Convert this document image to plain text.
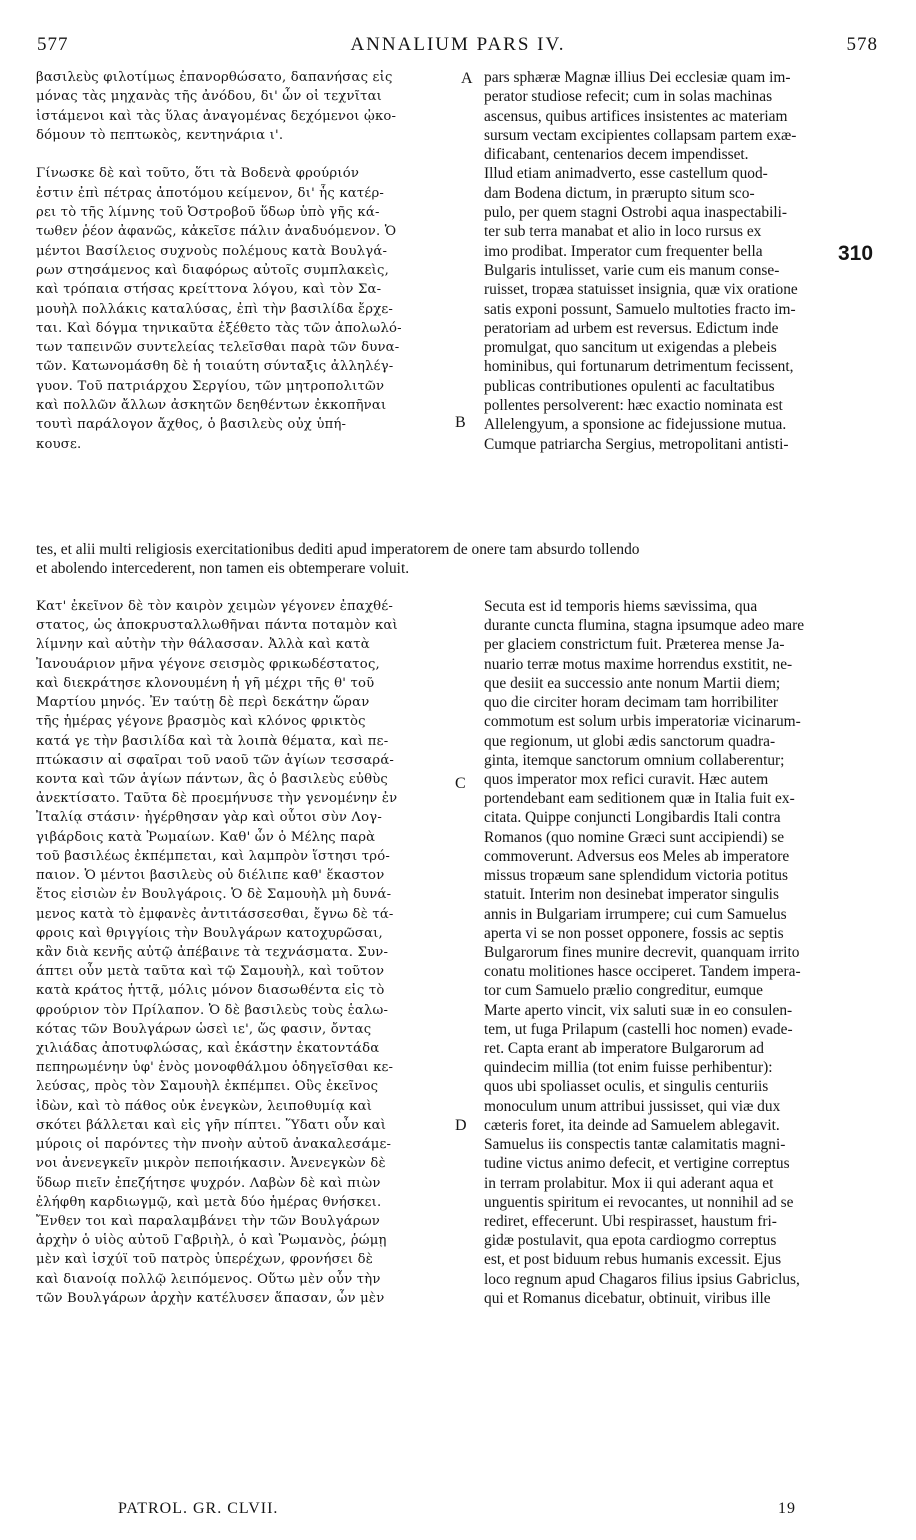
ANNALIUM PARS IV.
577	578
βασιλεὺς φιλοτίμως ἐπανορθώσατο, δαπανήσας εἰς
μόνας τὰς μηχανὰς τῆς ἀνόδου, δι' ὧν οἱ τεχνῖται
ἱστάμενοι καὶ τὰς ὕλας ἀναγομένας δεχόμενοι ᾠκο-
δόμουν τὸ πεπτωκὸς, κεντηνάρια ι'.
Γίνωσκε δὲ καὶ τοῦτο, ὅτι τὰ Βοδενὰ φρούριόν
ἐστιν ἐπὶ πέτρας ἀποτόμου κείμενον, δι' ἧς κατέρ-
ρει τὸ τῆς λίμνης τοῦ Ὀστροβοῦ ὕδωρ ὑπὸ γῆς κά-
τωθεν ῥέον ἀφανῶς, κἀκεῖσε πάλιν ἀναδυόμενον. Ὁ
μέντοι Βασίλειος συχνοὺς πολέμους κατὰ Βουλγά-
ρων στησάμενος καὶ διαφόρως αὐτοῖς συμπλακεὶς,
καὶ τρόπαια στήσας κρείττονα λόγου, καὶ τὸν Σα-
μουὴλ πολλάκις καταλύσας, ἐπὶ τὴν βασιλίδα ἔρχε-
ται. Καὶ δόγμα τηνικαῦτα ἐξέθετο τὰς τῶν ἀπολωλό-
των ταπεινῶν συντελείας τελεῖσθαι παρὰ τῶν δυνα-
τῶν. Κατωνομάσθη δὲ ἡ τοιαύτη σύνταξις ἀλληλέγ-
γυον. Τοῦ πατριάρχου Σεργίου, τῶν μητροπολιτῶν
καὶ πολλῶν ἄλλων ἀσκητῶν δεηθέντων ἐκκοπῆναι
τουτὶ παράλογον ἄχθος, ὁ βασιλεὺς οὐχ ὑπή-
κουσε.
pars sphæræ Magnæ illius Dei ecclesiæ quam im-
perator studiose refecit; cum in solas machinas
ascensus, quibus artifices insistentes ac materiam
sursum vectam excipientes collapsam partem exæ-
dificabant, centenarios decem impendisset.
Illud etiam animadverto, esse castellum quod-
dam Bodena dictum, in prærupto situm sco-
pulo, per quem stagni Ostrobi aqua inaspectabili-
ter sub terra manabat et alio in loco rursus ex
imo prodibat. Imperator cum frequenter bella
Bulgaris intulisset, varie cum eis manum conse-
ruisset, tropæa statuisset insignia, quæ vix oratione
satis exponi possunt, Samuelo multoties fracto im-
peratoriam ad urbem est reversus. Edictum inde
promulgat, quo sancitum ut exigendas a plebeis
hominibus, qui fortunarum detrimentum fecissent,
publicas contributiones opulenti ac facultatibus
pollentes persolverent: hæc exactio nominata est
Allelengyum, a sponsione ac fidejussione mutua.
Cumque patriarcha Sergius, metropolitani antisti-
310
tes, et alii multi religiosis exercitationibus dediti apud imperatorem de onere tam absurdo tollendo
et abolendo intercederent, non tamen eis obtemperare voluit.
Κατ' ἐκεῖνον δὲ τὸν καιρὸν χειμὼν γέγονεν ἐπαχθέ-
στατος, ὡς ἀποκρυσταλλωθῆναι πάντα ποταμὸν καὶ
λίμνην καὶ αὐτὴν τὴν θάλασσαν. Ἀλλὰ καὶ κατὰ
Ἰανουάριον μῆνα γέγονε σεισμὸς φρικωδέστατος,
καὶ διεκράτησε κλονουμένη ἡ γῆ μέχρι τῆς θ' τοῦ
Μαρτίου μηνός. Ἐν ταύτῃ δὲ περὶ δεκάτην ὥραν
τῆς ἡμέρας γέγονε βρασμὸς καὶ κλόνος φρικτὸς
κατά γε τὴν βασιλίδα καὶ τὰ λοιπὰ θέματα, καὶ πε-
πτώκασιν αἱ σφαῖραι τοῦ ναοῦ τῶν ἁγίων τεσσαρά-
κοντα καὶ τῶν ἁγίων πάντων, ἃς ὁ βασιλεὺς εὐθὺς
ἀνεκτίσατο. Ταῦτα δὲ προεμήνυσε τὴν γενομένην ἐν
Ἰταλίᾳ στάσιν· ἠγέρθησαν γὰρ καὶ οὗτοι σὺν Λογ-
γιβάρδοις κατὰ Ῥωμαίων. Καθ' ὧν ὁ Μέλης παρὰ
τοῦ βασιλέως ἐκπέμπεται, καὶ λαμπρὸν ἵστησι τρό-
παιον. Ὁ μέντοι βασιλεὺς οὐ διέλιπε καθ' ἕκαστον
ἔτος εἰσιὼν ἐν Βουλγάροις. Ὁ δὲ Σαμουὴλ μὴ δυνά-
μενος κατὰ τὸ ἐμφανὲς ἀντιτάσσεσθαι, ἔγνω δὲ τά-
φροις καὶ θριγγίοις τὴν Βουλγάρων κατοχυρῶσαι,
κἂν διὰ κενῆς αὐτῷ ἀπέβαινε τὰ τεχνάσματα. Συν-
άπτει οὖν μετὰ ταῦτα καὶ τῷ Σαμουὴλ, καὶ τοῦτον
κατὰ κράτος ἡττᾷ, μόλις μόνον διασωθέντα εἰς τὸ
φρούριον τὸν Πρίλαπον. Ὁ δὲ βασιλεὺς τοὺς ἑαλω-
κότας τῶν Βουλγάρων ὡσεὶ ιε', ὥς φασιν, ὄντας
χιλιάδας ἀποτυφλώσας, καὶ ἑκάστην ἑκατοντάδα
πεπηρωμένην ὑφ' ἑνὸς μονοφθάλμου ὁδηγεῖσθαι κε-
λεύσας, πρὸς τὸν Σαμουὴλ ἐκπέμπει. Οὓς ἐκεῖνος
ἰδὼν, καὶ τὸ πάθος οὐκ ἐνεγκὼν, λειποθυμίᾳ καὶ
σκότει βάλλεται καὶ εἰς γῆν πίπτει. Ὕδατι οὖν καὶ
μύροις οἱ παρόντες τὴν πνοὴν αὐτοῦ ἀνακαλεσάμε-
νοι ἀνενεγκεῖν μικρὸν πεποιήκασιν. Ἀνενεγκὼν δὲ
ὕδωρ πιεῖν ἐπεζήτησε ψυχρόν. Λαβὼν δὲ καὶ πιὼν
ἐλήφθη καρδιωγμῷ, καὶ μετὰ δύο ἡμέρας θνήσκει.
Ἔνθεν τοι καὶ παραλαμβάνει τὴν τῶν Βουλγάρων
ἀρχὴν ὁ υἱὸς αὐτοῦ Γαβριὴλ, ὁ καὶ Ῥωμανὸς, ῥώμῃ
μὲν καὶ ἰσχύϊ τοῦ πατρὸς ὑπερέχων, φρονήσει δὲ
καὶ διανοίᾳ πολλῷ λειπόμενος. Οὕτω μὲν οὖν τὴν
τῶν Βουλγάρων ἀρχὴν κατέλυσεν ἅπασαν, ὧν μὲν
Secuta est id temporis hiems sævissima, qua
durante cuncta flumina, stagna ipsumque adeo mare
per glaciem constrictum fuit. Præterea mense Ja-
nuario terræ motus maxime horrendus exstitit, ne-
que desiit ea successio ante nonum Martii diem;
quo die circiter horam decimam tam horribiliter
commotum est solum urbis imperatoriæ vicinarum-
que regionum, ut globi ædis sanctorum quadra-
ginta, itemque sanctorum omnium collaberentur;
quos imperator mox refici curavit. Hæc autem
portendebant eam seditionem quæ in Italia fuit ex-
citata. Quippe conjuncti Longibardis Itali contra
Romanos (quo nomine Græci sunt accipiendi) se
commoverunt. Adversus eos Meles ab imperatore
missus tropæum sane splendidum victoria potitus
statuit. Interim non desinebat imperator singulis
annis in Bulgariam irrumpere; cui cum Samuelus
aperta vi se non posset opponere, fossis ac septis
Bulgarorum fines munire decrevit, quanquam irrito
conatu molitiones hasce occiperet. Tandem impera-
tor cum Samuelo prælio congreditur, eumque
Marte aperto vincit, vix saluti suæ in eo consulen-
tem, ut fuga Prilapum (castelli hoc nomen) evade-
ret. Capta erant ab imperatore Bulgarorum ad
quindecim millia (tot enim fuisse perhibentur):
quos ubi spoliasset oculis, et singulis centuriis
monoculum unum attribui jussisset, qui viæ dux
cæteris foret, ita deinde ad Samuelem ablegavit.
Samuelus iis conspectis tantæ calamitatis magni-
tudine victus animo defecit, et vertigine correptus
in terram prolabitur. Mox ii qui aderant aqua et
unguentis spiritum ei revocantes, ut nonnihil ad se
rediret, effecerunt. Ubi respirasset, haustum fri-
gidæ postulavit, qua epota cardiogmo correptus
est, et post biduum rebus humanis excessit. Ejus
loco regnum apud Chagaros filius ipsius Gabriclus,
qui et Romanus dicebatur, obtinuit, viribus ille
A
B
C
D
PATROL. GR. CLVII.	19
